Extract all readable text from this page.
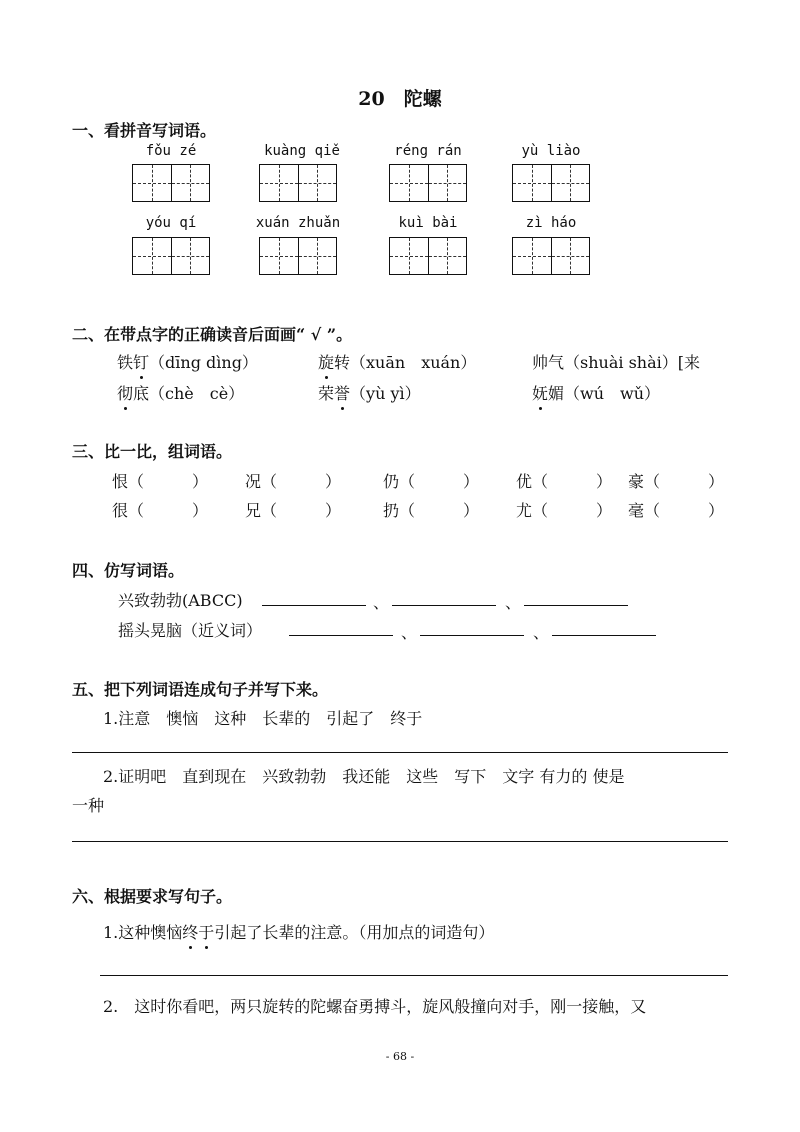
20　陀螺
一、看拼音写词语。
fǒu zé	kuàng qiě	réng rán	yù liào
yóu qí	xuán zhuǎn	kuì bài	zì háo
二、在带点字的正确读音后面画“ √ ”。
铁钉（dīng dìng）	旋转（xuān　xuán）	帅气（shuài shài）[来
彻底（chè　cè）	荣誉（yù yì）	妩媚（wú　wǔ）
三、比一比，组词语。
恨（　　　） 况（　　　）	仍（　　　） 优（　　　） 豪（　　　）
很（　　　） 兄（　　　）	扔（　　　） 尤（　　　） 毫（　　　）
四、仿写词语。
兴致勃勃(ABCC)	、	、
摇头晃脑（近义词）	、	、
五、把下列词语连成句子并写下来。
1.注意　懊恼　这种　长辈的　引起了　终于
2.证明吧　直到现在　兴致勃勃　我还能　这些　写下　文字 有力的 使是
一种
六、根据要求写句子。
1.这种懊恼终于引起了长辈的注意。（用加点的词造句）
2.　这时你看吧，两只旋转的陀螺奋勇搏斗，旋风般撞向对手，刚一接触，又
- 68 -
